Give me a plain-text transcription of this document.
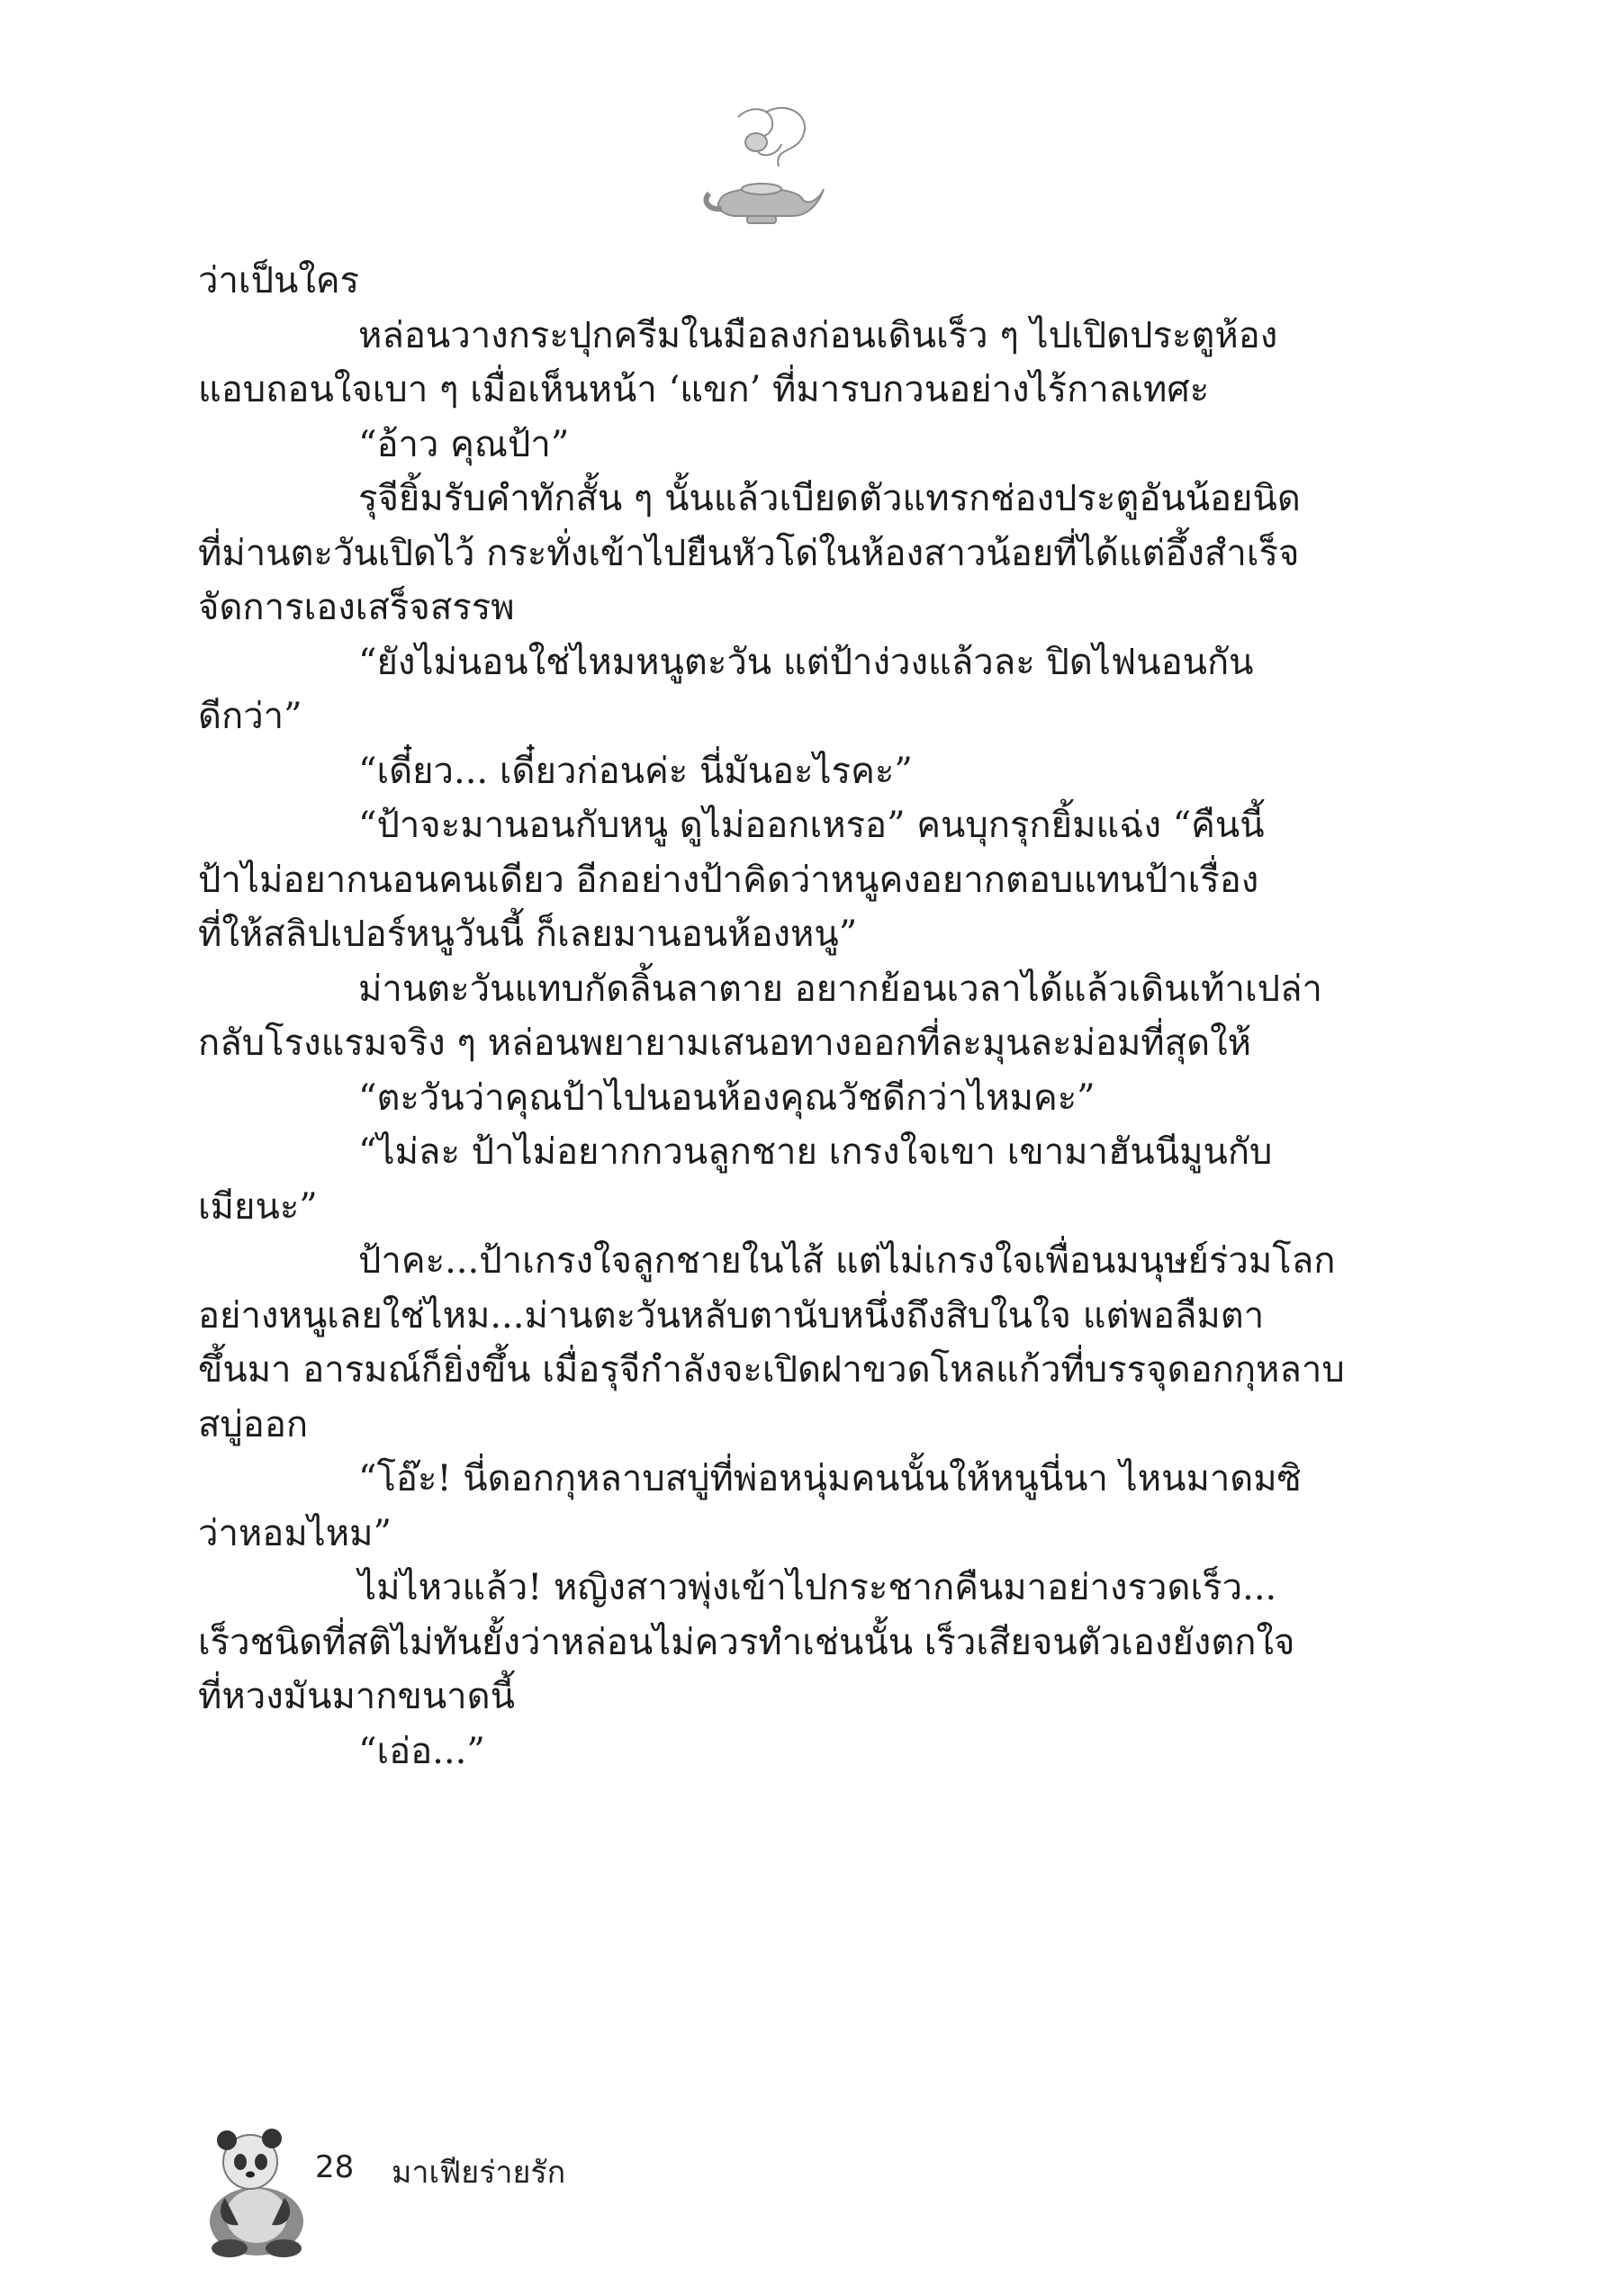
ว่าเป็นใคร
หล่อนวางกระปุกครีมในมือลงก่อนเดินเร็ว ๆ ไปเปิดประตูห้อง
แอบถอนใจเบา ๆ เมื่อเห็นหน้า ‘แขก’ ที่มารบกวนอย่างไร้กาลเทศะ
“อ้าว คุณป้า”
รุจียิ้มรับคำทักสั้น ๆ นั้นแล้วเบียดตัวแทรกช่องประตูอันน้อยนิด
ที่ม่านตะวันเปิดไว้ กระทั่งเข้าไปยืนหัวโด่ในห้องสาวน้อยที่ได้แต่อึ้งสำเร็จ
จัดการเองเสร็จสรรพ
“ยังไม่นอนใช่ไหมหนูตะวัน แต่ป้าง่วงแล้วละ ปิดไฟนอนกัน
ดีกว่า”
“เดี๋ยว... เดี๋ยวก่อนค่ะ นี่มันอะไรคะ”
“ป้าจะมานอนกับหนู ดูไม่ออกเหรอ” คนบุกรุกยิ้มแฉ่ง “คืนนี้
ป้าไม่อยากนอนคนเดียว อีกอย่างป้าคิดว่าหนูคงอยากตอบแทนป้าเรื่อง
ที่ให้สลิปเปอร์หนูวันนี้ ก็เลยมานอนห้องหนู”
ม่านตะวันแทบกัดลิ้นลาตาย อยากย้อนเวลาได้แล้วเดินเท้าเปล่า
กลับโรงแรมจริง ๆ หล่อนพยายามเสนอทางออกที่ละมุนละม่อมที่สุดให้
“ตะวันว่าคุณป้าไปนอนห้องคุณวัชดีกว่าไหมคะ”
“ไม่ละ ป้าไม่อยากกวนลูกชาย เกรงใจเขา เขามาฮันนีมูนกับ
เมียนะ”
ป้าคะ...ป้าเกรงใจลูกชายในไส้ แต่ไม่เกรงใจเพื่อนมนุษย์ร่วมโลก
อย่างหนูเลยใช่ไหม...ม่านตะวันหลับตานับหนึ่งถึงสิบในใจ แต่พอลืมตา
ขึ้นมา อารมณ์ก็ยิ่งขึ้น เมื่อรุจีกำลังจะเปิดฝาขวดโหลแก้วที่บรรจุดอกกุหลาบ
สบู่ออก
“โอ๊ะ! นี่ดอกกุหลาบสบู่ที่พ่อหนุ่มคนนั้นให้หนูนี่นา ไหนมาดมซิ
ว่าหอมไหม”
ไม่ไหวแล้ว! หญิงสาวพุ่งเข้าไปกระชากคืนมาอย่างรวดเร็ว...
เร็วชนิดที่สติไม่ทันยั้งว่าหล่อนไม่ควรทำเช่นนั้น เร็วเสียจนตัวเองยังตกใจ
ที่หวงมันมากขนาดนี้
“เอ่อ...”
28 มาเฟียร่ายรัก
